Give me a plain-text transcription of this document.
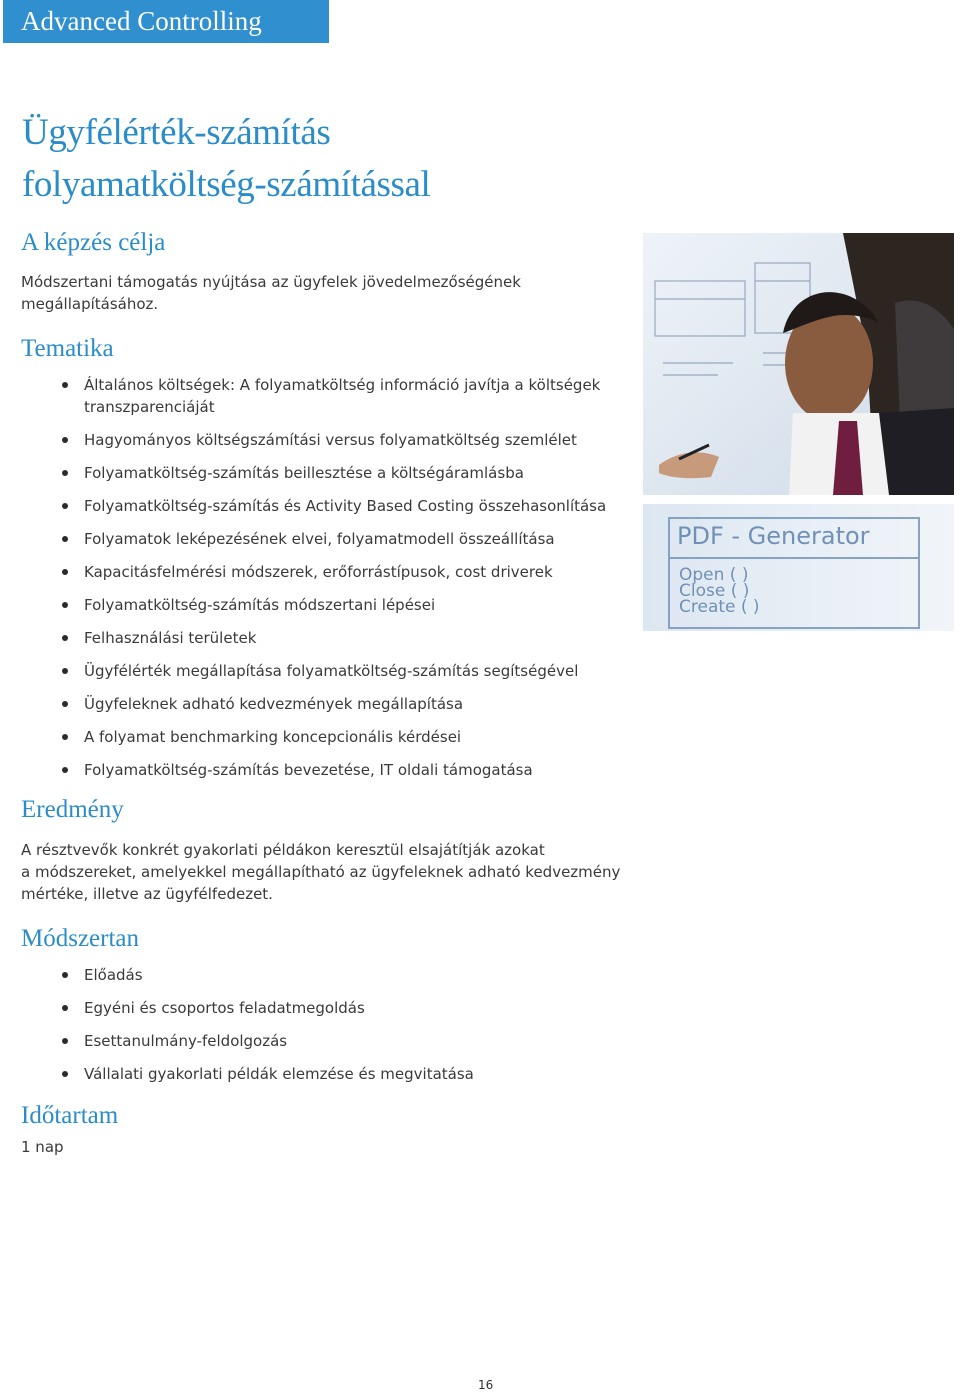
Advanced Controlling
Ügyfélérték-számítás
folyamatköltség-számítással
A képzés célja

Módszertani támogatás nyújtása az ügyfelek jövedelmezőségének megállapításához.

Tematika
Általános költségek: A folyamatköltség információ javítja a költségek transzparenciáját
Hagyományos költségszámítási versus folyamatköltség szemlélet
Folyamatköltség-számítás beillesztése a költségáramlásba
Folyamatköltség-számítás és Activity Based Costing összehasonlítása
Folyamatok leképezésének elvei, folyamatmodell összeállítása
Kapacitásfelmérési módszerek, erőforrástípusok, cost driverek
Folyamatköltség-számítás módszertani lépései
Felhasználási területek
Ügyfélérték megállapítása folyamatköltség-számítás segítségével
Ügyfeleknek adható kedvezmények megállapítása
A folyamat benchmarking koncepcionális kérdései
Folyamatköltség-számítás bevezetése, IT oldali támogatása
Eredmény

A résztvevők konkrét gyakorlati példákon keresztül elsajátítják azokat
a módszereket, amelyekkel megállapítható az ügyfeleknek adható kedvezmény
mértéke, illetve az ügyfélfedezet.

Módszertan
Előadás
Egyéni és csoportos feladatmegoldás
Esettanulmány-feldolgozás
Vállalati gyakorlati példák elemzése és megvitatása
Időtartam

1 nap

PDF - Generator
Open ( )
Close ( )
Create ( )
16
